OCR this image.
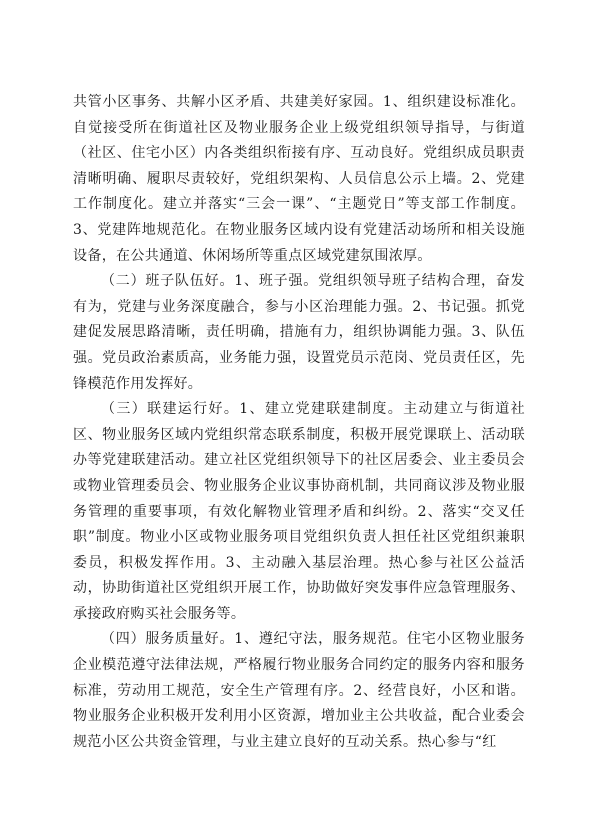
共管小区事务、共解小区矛盾、共建美好家园。1、组织建设标准化。自觉接受所在街道社区及物业服务企业上级党组织领导指导，与街道（社区、住宅小区）内各类组织衔接有序、互动良好。党组织成员职责清晰明确、履职尽责较好，党组织架构、人员信息公示上墙。2、党建工作制度化。建立并落实“三会一课”、“主题党日”等支部工作制度。3、党建阵地规范化。在物业服务区域内设有党建活动场所和相关设施设备，在公共通道、休闲场所等重点区域党建氛围浓厚。

（二）班子队伍好。1、班子强。党组织领导班子结构合理，奋发有为，党建与业务深度融合，参与小区治理能力强。2、书记强。抓党建促发展思路清晰，责任明确，措施有力，组织协调能力强。3、队伍强。党员政治素质高，业务能力强，设置党员示范岗、党员责任区，先锋模范作用发挥好。

（三）联建运行好。1、建立党建联建制度。主动建立与街道社区、物业服务区域内党组织常态联系制度，积极开展党课联上、活动联办等党建联建活动。建立社区党组织领导下的社区居委会、业主委员会或物业管理委员会、物业服务企业议事协商机制，共同商议涉及物业服务管理的重要事项，有效化解物业管理矛盾和纠纷。2、落实“交叉任职”制度。物业小区或物业服务项目党组织负责人担任社区党组织兼职委员，积极发挥作用。3、主动融入基层治理。热心参与社区公益活动，协助街道社区党组织开展工作，协助做好突发事件应急管理服务、承接政府购买社会服务等。

（四）服务质量好。1、遵纪守法，服务规范。住宅小区物业服务企业模范遵守法律法规，严格履行物业服务合同约定的服务内容和服务标准，劳动用工规范，安全生产管理有序。2、经营良好，小区和谐。物业服务企业积极开发利用小区资源，增加业主公共收益，配合业委会规范小区公共资金管理，与业主建立良好的互动关系。热心参与“红
